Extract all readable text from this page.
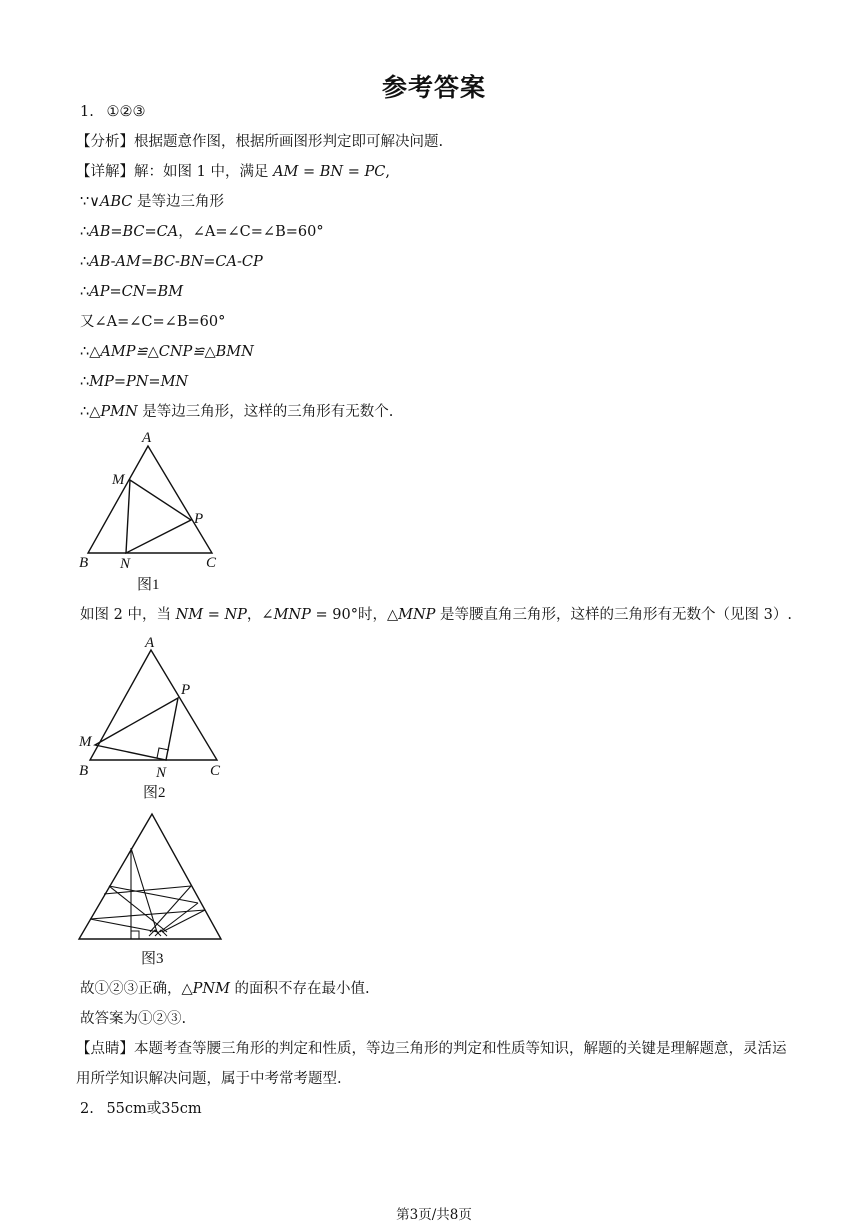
参考答案
1. ①②③
【分析】根据题意作图，根据所画图形判定即可解决问题.
【详解】解：如图 1 中，满足 AM = BN = PC,
∵∨ABC 是等边三角形
∴AB=BC=CA，∠A=∠C=∠B=60°
∴AB-AM=BC-BN=CA-CP
∴AP=CN=BM
又∠A=∠C=∠B=60°
∴△AMP≌△CNP≌△BMN
∴MP=PN=MN
∴△PMN 是等边三角形，这样的三角形有无数个.
A
M
P
B N	C
图1
如图 2 中，当 NM = NP，∠MNP = 90°时，△MNP 是等腰直角三角形，这样的三角形有无数个（见图 3）.
A
P
M
B	N	C
图2
图3
故①②③正确，△PNM 的面积不存在最小值.
故答案为①②③.
【点睛】本题考查等腰三角形的判定和性质，等边三角形的判定和性质等知识，解题的关键是理解题意，灵活运用所学知识解决问题，属于中考常考题型.
2. 55cm或35cm
第3页/共8页
